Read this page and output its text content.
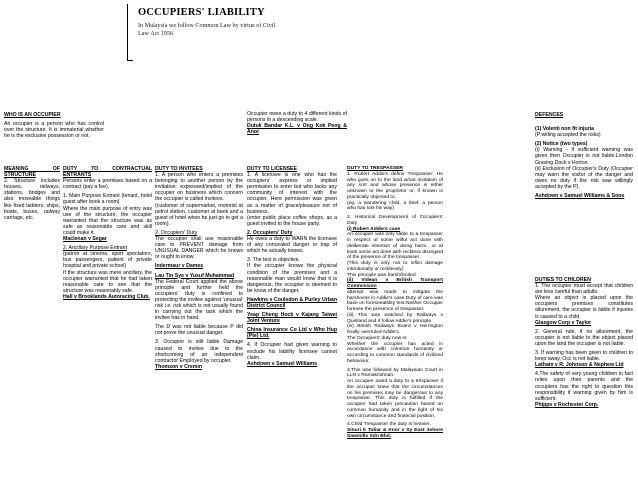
OCCUPIERS' LIABILITY
In Malaysia we follow Common Law by virtue of Civil
Law Act 1956

WHO IS AN OCCUPIER

An occupier is a person who has control over the structure. It is immaterial whether he is the exclusive possession or not.

MEANING OF STRUCTURE

2. Structure includes houses, railways, stations, bridges and also moveable things like fixed ladders, ships, boats, buses, railway carriage, etc.

Occupier owes a duty to 4 different kinds of persons in a descending scale.

Dutuk Bandar K.L. v Ong Kok Peng & Anor

DEFENCES

(1) Volenti non fit injuria

(P willing accepted the risks)

(2) Notice (two types)

(i) Warning - if sufficient warning was given then Occupier is not liable.London Graving Dock v Horton.

(ii) Exclusion of Occupier's Duty (Occupier may warn the visitor of the danger and owes no duty if the risk was willingly accepted by the P).

Ashdown v Samuel Williams & Sons

DUTY TO CONTRACTUAL ENTRANTS

Persons enter a premises based on a contract (pay a fee).

1. Main Purpose Entrant (tenant, hotel guest after book a room)

Where the main purpose of entry was use of the structure, the occupier warranted that the structure was as safe as reasonable care and skill could make it.

Maclenan v Segar

2. Ancillary Purpose Entrant

(patron at cinema, sport spectators, bus passengers, patient of private hospital and private school)

If the structure was mere ancillary, the occupier warranted that he had taken reasonable care to see that the structure was reasonably safe.

Hall v Brooklands Autoracing Club.

DUTY TO INVITEES

1. A person who enters a premises belonging to another person by the invitation expressed/implied of the occupier on business which concern the occupier is called invitees.

(customer of supermarket, motorist at petrol station, customer at bank and a guest of hotel when he just go to get a room).

2. Occupiers' Duty

The occupier shall use reasonable care to PREVENT damage from UNUSUAL DANGER which he knows or ought to know.

Indermaur v Dames

Lau Tin Sye v Yusuf Muhammad

The Federal Court applied the above principle and further held the occupiers' duty is confined to protecting the invitee against 'unusual' risk i.e. risk which is not usually found in carrying out the task which the invitee has in hand.

The D was not liable because P did not prove the unusual danger.

3. Occupier is still liable Damage caused to invitee due to the shortcoming of an independent contractor Employed by occupier.

Thomson v Cremin

DUTY TO LICENSEE

1. A licensee is one who has the occupiers' express or implied permission to enter but who lacks any community of interest with the occupier. Here permission was given as a matter of grace/pleasure not of business.

(enter public place coffee shops, as a guest invited to the house party.

2. Occupiers' Duty

He owes a duty to WARN the licensee of any concealed danger or trap of which he actually knows.

3. The test is objective.

If the occupier knows the physical condition of the premises and a reasonable man would know that it is dangerous, the occupier is deemed to be know of the danger.

Hawkins v Coulsdon & Purley Urban District Council

Yeap Cheng Hock v Kajang Taiwei Joint Venture

China Insurance Co Ltd v Who Hup (Pte) Ltd.

4. If Occupier had given warning to exclude his liability licensee cannot claim.

Ashdown v Samuel Williams

DUTY TO TRESPASSER

1. Robert Addie's define Trespasser: He who goes on to the land w/out invitation of any sort and whose presence is either unknown to the proprietor or, if known is practically objected to.

(eg. a wandering child, a thief, a person who has lost his way)

2. Historical Development of Occupiers' Duty

(i) Robert Addie's case

An occupier was only liable to a trespasser in respect of some wilful act done with deliberate intention of doing harm.. or at least some act done with reckless disregard of the presence of the trespasser.

(This duty is only not to inflict damage intentionally or recklessly)

This principle was harsh/limited

(ii) Videan v British Transport Commission

attempt was made to mitigate the harshness in Addie's case.Duty of care was base on foreseeability test.Neither Occupier foresee the presence of trespasser.

(iii) This was watched by Railways v Quinland and it follow Addie's principle.

(iv) British Railways Board v Herrington finally overruled Addie's.

The Occupiers' duty now is:

Whether the occupier has acted in accordance with common humanity or according to common standards of civilized behaviour.

3.This was followed by Malaysian Court in LLN v Ramakrishnan.

An occupier owed a duty to a trespasser if the occupier knew that the circumstances on his premises may be dangerous to any trespasser. This duty is fulfilled if the occupier had taken precaution based on common humanity and in the light of his own circumstance and financial position.

4.Child Trespasser the duty is heavier.

Sinuri b Tuliar & Anor v Sy East Johore Sawmills Sdn Bhd.

DUTIES TO CHILDREN

1. The occupier must accept that children are less careful than adults.

Where an object is placed upon the occupiers premises constitutes allurement, the occupier is liable if injuries is caused to a child.

Glasgow Corp v Taylor

2. General rule, if no allurement, the occupier is not liable to the object placed upon the land the occupier is not liable.

3. If warning has been given to children to keep away, Occ is not liable.

Latham v R. Johnson & Nephew Ltd

4.The safety of very young children in fact relies upon their parents and the occupiers has the right to question this responsibility if warning given by him is sufficient.

Phipps v Rochester Corp.
